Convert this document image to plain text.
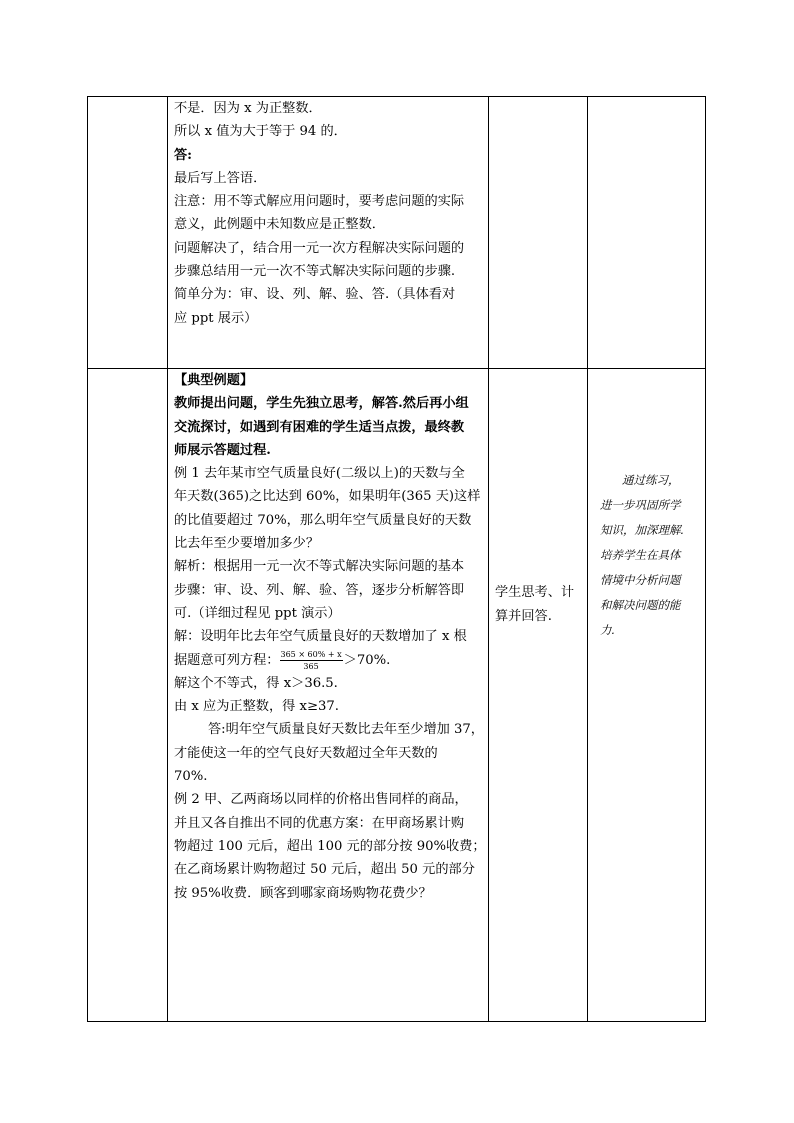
不是．因为 x 为正整数．
所以 x 值为大于等于 94 的．
答:
最后写上答语．
注意：用不等式解应用问题时，要考虑问题的实际
意义，此例题中未知数应是正整数．
问题解决了，结合用一元一次方程解决实际问题的
步骤总结用一元一次不等式解决实际问题的步骤.
简单分为：审、设、列、解、验、答.（具体看对
应 ppt 展示）
【典型例题】
教师提出问题，学生先独立思考，解答.然后再小组
交流探讨，如遇到有困难的学生适当点拨，最终教
师展示答题过程.
例 1 去年某市空气质量良好(二级以上)的天数与全
年天数(365)之比达到 60%，如果明年(365 天)这样
的比值要超过 70%，那么明年空气质量良好的天数
比去年至少要增加多少？
解析：根据用一元一次不等式解决实际问题的基本
步骤：审、设、列、解、验、答，逐步分析解答即
可.（详细过程见 ppt 演示）
解：设明年比去年空气质量良好的天数增加了 x 根
据题意可列方程： $\frac{365 \times 60\% + x}{365} >70\%$.
解这个不等式，得 x＞36.5.
由 x 应为正整数，得 x≥37.
答:明年空气质量良好天数比去年至少增加 37，
才能使这一年的空气良好天数超过全年天数的
70%.
例 2 甲、乙两商场以同样的价格出售同样的商品，
并且又各自推出不同的优惠方案：在甲商场累计购
物超过 100 元后，超出 100 元的部分按 90%收费；
在乙商场累计购物超过 50 元后，超出 50 元的部分
按 95%收费．顾客到哪家商场购物花费少？
学生思考、计
算并回答.
通过练习，
进一步巩固所学
知识，加深理解.
培养学生在具体
情境中分析问题
和解决问题的能
力.
